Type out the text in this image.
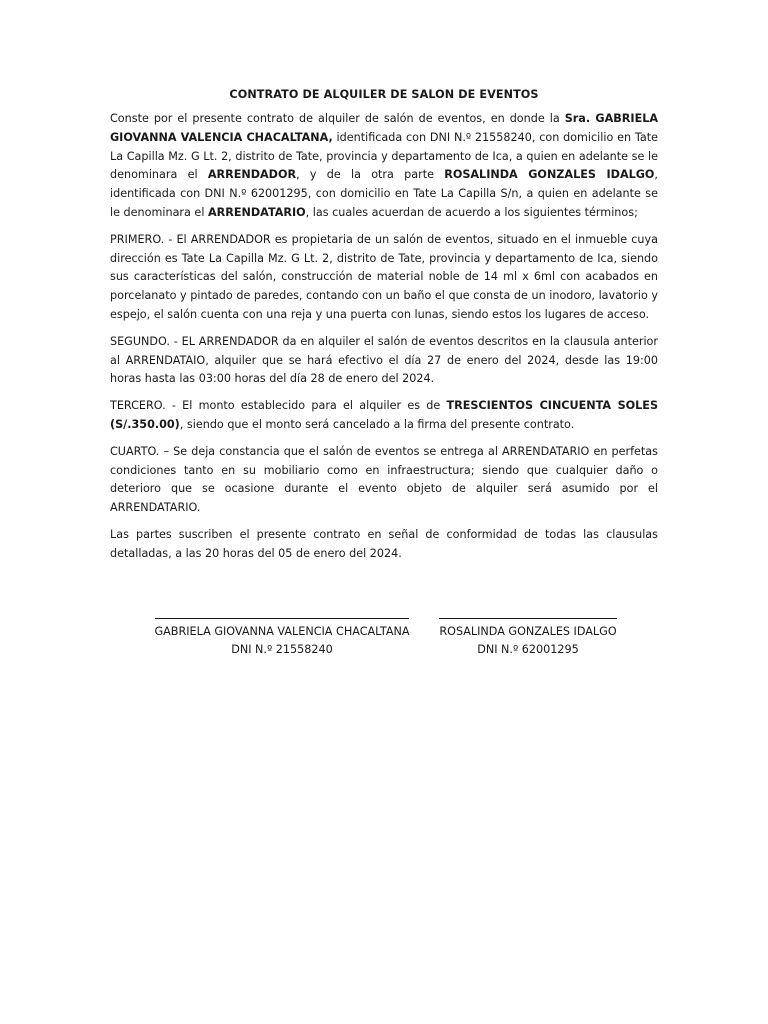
CONTRATO DE ALQUILER DE SALON DE EVENTOS

Conste por el presente contrato de alquiler de salón de eventos, en donde la Sra. GABRIELA GIOVANNA VALENCIA CHACALTANA, identificada con DNI N.º 21558240, con domicilio en Tate La Capilla Mz. G Lt. 2, distrito de Tate, provincia y departamento de Ica, a quien en adelante se le denominara el ARRENDADOR, y de la otra parte ROSALINDA GONZALES IDALGO, identificada con DNI N.º 62001295, con domicilio en Tate La Capilla S/n, a quien en adelante se le denominara el ARRENDATARIO, las cuales acuerdan de acuerdo a los siguientes términos;

PRIMERO. - El ARRENDADOR es propietaria de un salón de eventos, situado en el inmueble cuya dirección es Tate La Capilla Mz. G Lt. 2, distrito de Tate, provincia y departamento de Ica, siendo sus características del salón, construcción de material noble de 14 ml x 6ml con acabados en porcelanato y pintado de paredes, contando con un baño el que consta de un inodoro, lavatorio y espejo, el salón cuenta con una reja y una puerta con lunas, siendo estos los lugares de acceso.

SEGUNDO. - EL ARRENDADOR da en alquiler el salón de eventos descritos en la clausula anterior al ARRENDATAIO, alquiler que se hará efectivo el día 27 de enero del 2024, desde las 19:00 horas hasta las 03:00 horas del día 28 de enero del 2024.

TERCERO. - El monto establecido para el alquiler es de TRESCIENTOS CINCUENTA SOLES (S/.350.00), siendo que el monto será cancelado a la firma del presente contrato.

CUARTO. – Se deja constancia que el salón de eventos se entrega al ARRENDATARIO en perfetas condiciones tanto en su mobiliario como en infraestructura; siendo que cualquier daño o deterioro que se ocasione durante el evento objeto de alquiler será asumido por el ARRENDATARIO.

Las partes suscriben el presente contrato en señal de conformidad de todas las clausulas detalladas, a las 20 horas del 05 de enero del 2024.

GABRIELA GIOVANNA VALENCIA CHACALTANA
DNI N.º 21558240
ROSALINDA GONZALES IDALGO
DNI N.º 62001295
